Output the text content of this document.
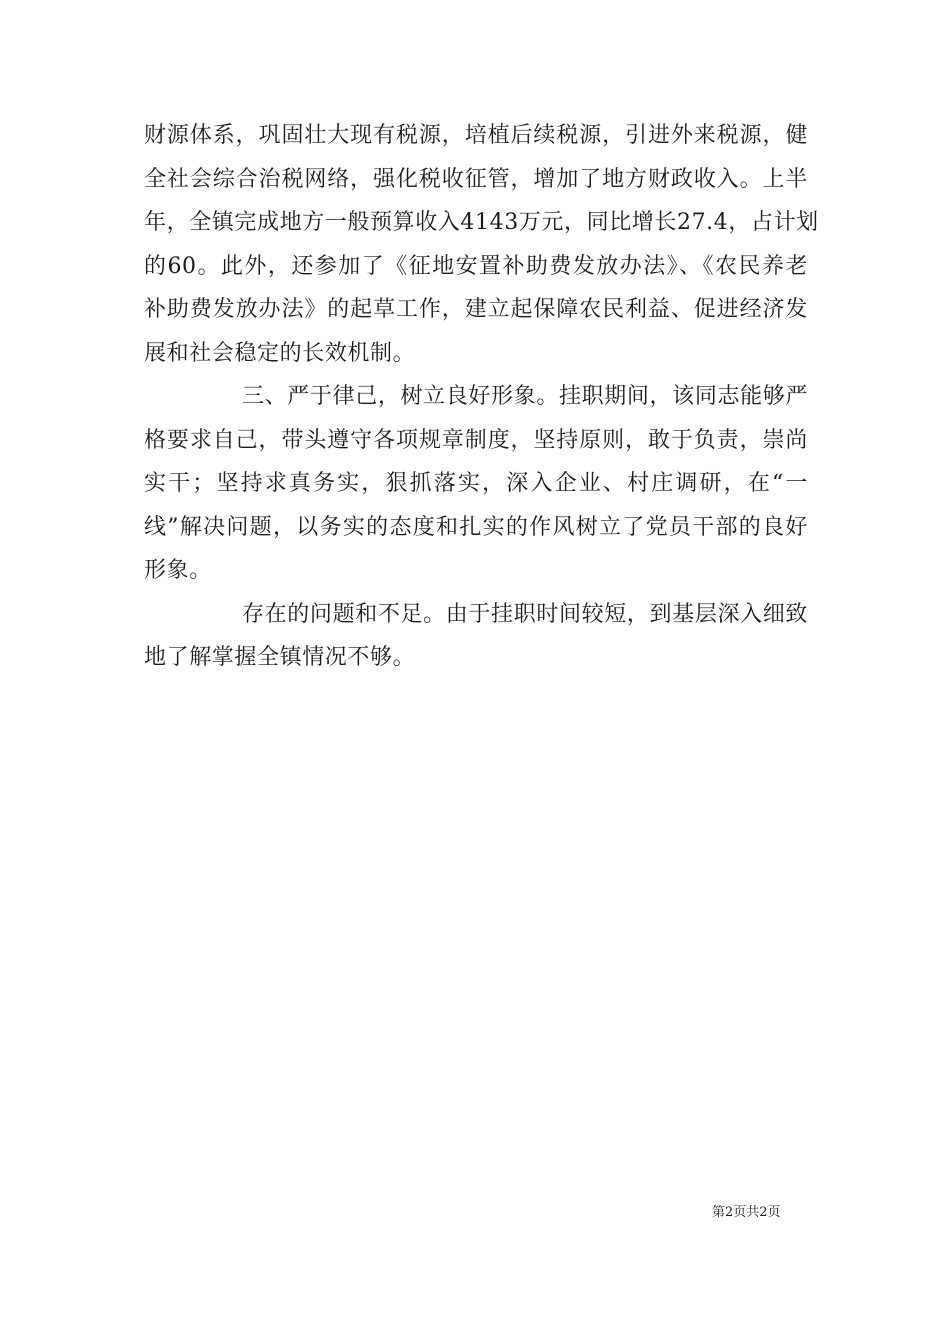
财源体系，巩固壮大现有税源，培植后续税源，引进外来税源，健
全社会综合治税网络，强化税收征管，增加了地方财政收入。上半
年，全镇完成地方一般预算收入4143万元，同比增长27.4，占计划
的60。此外，还参加了《征地安置补助费发放办法》、《农民养老
补助费发放办法》的起草工作，建立起保障农民利益、促进经济发
展和社会稳定的长效机制。
三、严于律己，树立良好形象。挂职期间，该同志能够严
格要求自己，带头遵守各项规章制度，坚持原则，敢于负责，崇尚
实干；坚持求真务实，狠抓落实，深入企业、村庄调研，在“一
线”解决问题，以务实的态度和扎实的作风树立了党员干部的良好
形象。
存在的问题和不足。由于挂职时间较短，到基层深入细致
地了解掌握全镇情况不够。
第2页共2页
